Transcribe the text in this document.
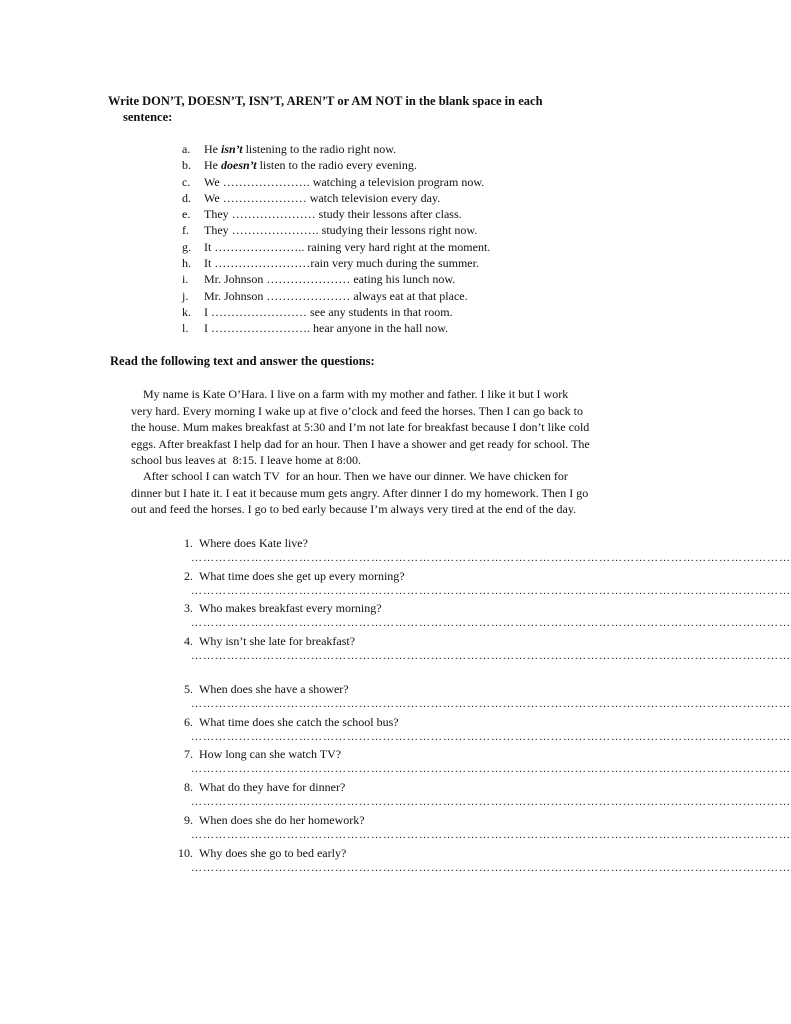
Write DON’T, DOESN’T, ISN’T, AREN’T or AM NOT in the blank space in each
sentence:
a. He isn’t listening to the radio right now.
b. He doesn’t listen to the radio every evening.
c. We …………………. watching a television program now.
d. We ………………… watch television every day.
e. They ………………… study their lessons after class.
f. They …………………. studying their lessons right now.
g. It ………………….. raining very hard right at the moment.
h. It ……………………rain very much during the summer.
i. Mr. Johnson ………………… eating his lunch now.
j. Mr. Johnson ………………… always eat at that place.
k. I …………………… see any students in that room.
l. I ……………………. hear anyone in the hall now.
Read the following text and answer the questions:
My name is Kate O’Hara. I live on a farm with my mother and father. I like it but I work
very hard. Every morning I wake up at five o’clock and feed the horses. Then I can go back to
the house. Mum makes breakfast at 5:30 and I’m not late for breakfast because I don’t like cold
eggs. After breakfast I help dad for an hour. Then I have a shower and get ready for school. The
school bus leaves at  8:15. I leave home at 8:00.
After school I can watch TV  for an hour. Then we have our dinner. We have chicken for
dinner but I hate it. I eat it because mum gets angry. After dinner I do my homework. Then I go
out and feed the horses. I go to bed early because I’m always very tired at the end of the day.
1. Where does Kate live?
……………………………………………………………………………………………………………………………………
2. What time does she get up every morning?
……………………………………………………………………………………………………………………………………
3. Who makes breakfast every morning?
……………………………………………………………………………………………………………………………………
4. Why isn’t she late for breakfast?
……………………………………………………………………………………………………………………………………
5. When does she have a shower?
……………………………………………………………………………………………………………………………………
6. What time does she catch the school bus?
……………………………………………………………………………………………………………………………………
7. How long can she watch TV?
……………………………………………………………………………………………………………………………………
8. What do they have for dinner?
……………………………………………………………………………………………………………………………………
9. When does she do her homework?
……………………………………………………………………………………………………………………………………
10. Why does she go to bed early?
……………………………………………………………………………………………………………………………………
